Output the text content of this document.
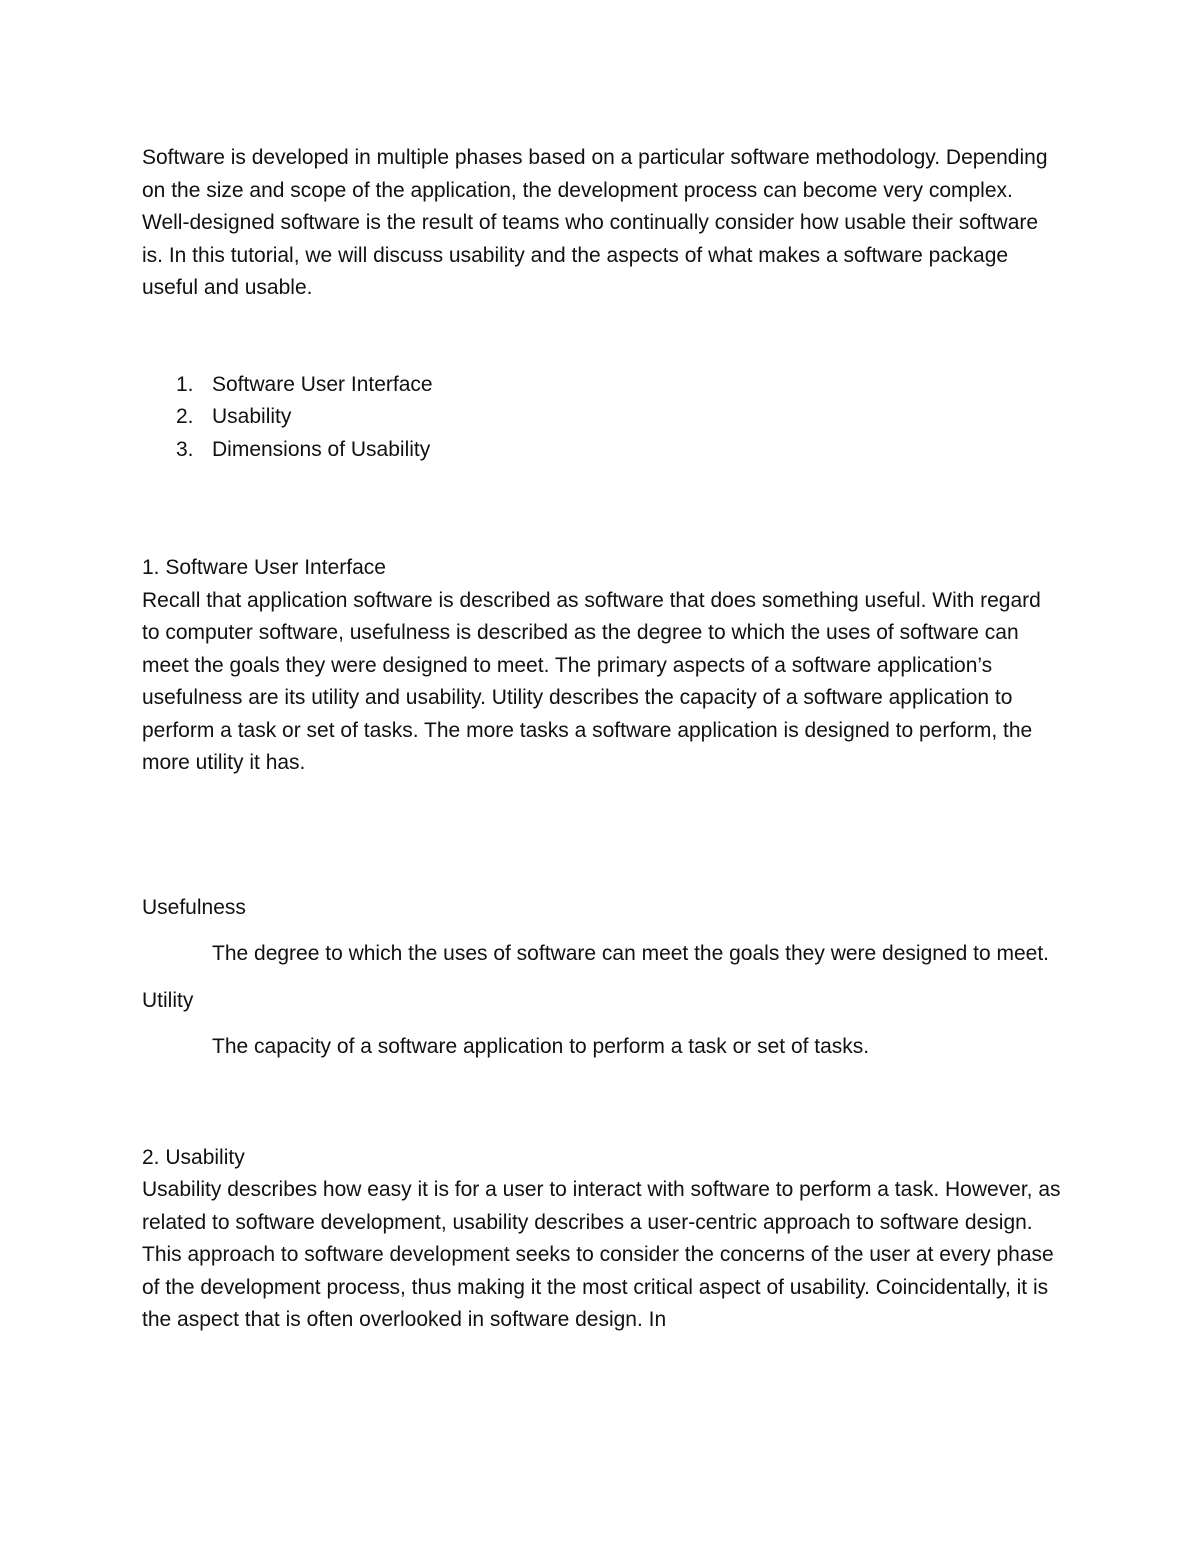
Software is developed in multiple phases based on a particular software methodology. Depending on the size and scope of the application, the development process can become very complex. Well-designed software is the result of teams who continually consider how usable their software is. In this tutorial, we will discuss usability and the aspects of what makes a software package useful and usable.

1. Software User Interface
2. Usability
3. Dimensions of Usability

1. Software User Interface

Recall that application software is described as software that does something useful. With regard to computer software, usefulness is described as the degree to which the uses of software can meet the goals they were designed to meet. The primary aspects of a software application’s usefulness are its utility and usability. Utility describes the capacity of a software application to perform a task or set of tasks. The more tasks a software application is designed to perform, the more utility it has.

Usefulness

The degree to which the uses of software can meet the goals they were designed to meet.

Utility

The capacity of a software application to perform a task or set of tasks.

2. Usability

Usability describes how easy it is for a user to interact with software to perform a task. However, as related to software development, usability describes a user-centric approach to software design. This approach to software development seeks to consider the concerns of the user at every phase of the development process, thus making it the most critical aspect of usability. Coincidentally, it is the aspect that is often overlooked in software design. In
